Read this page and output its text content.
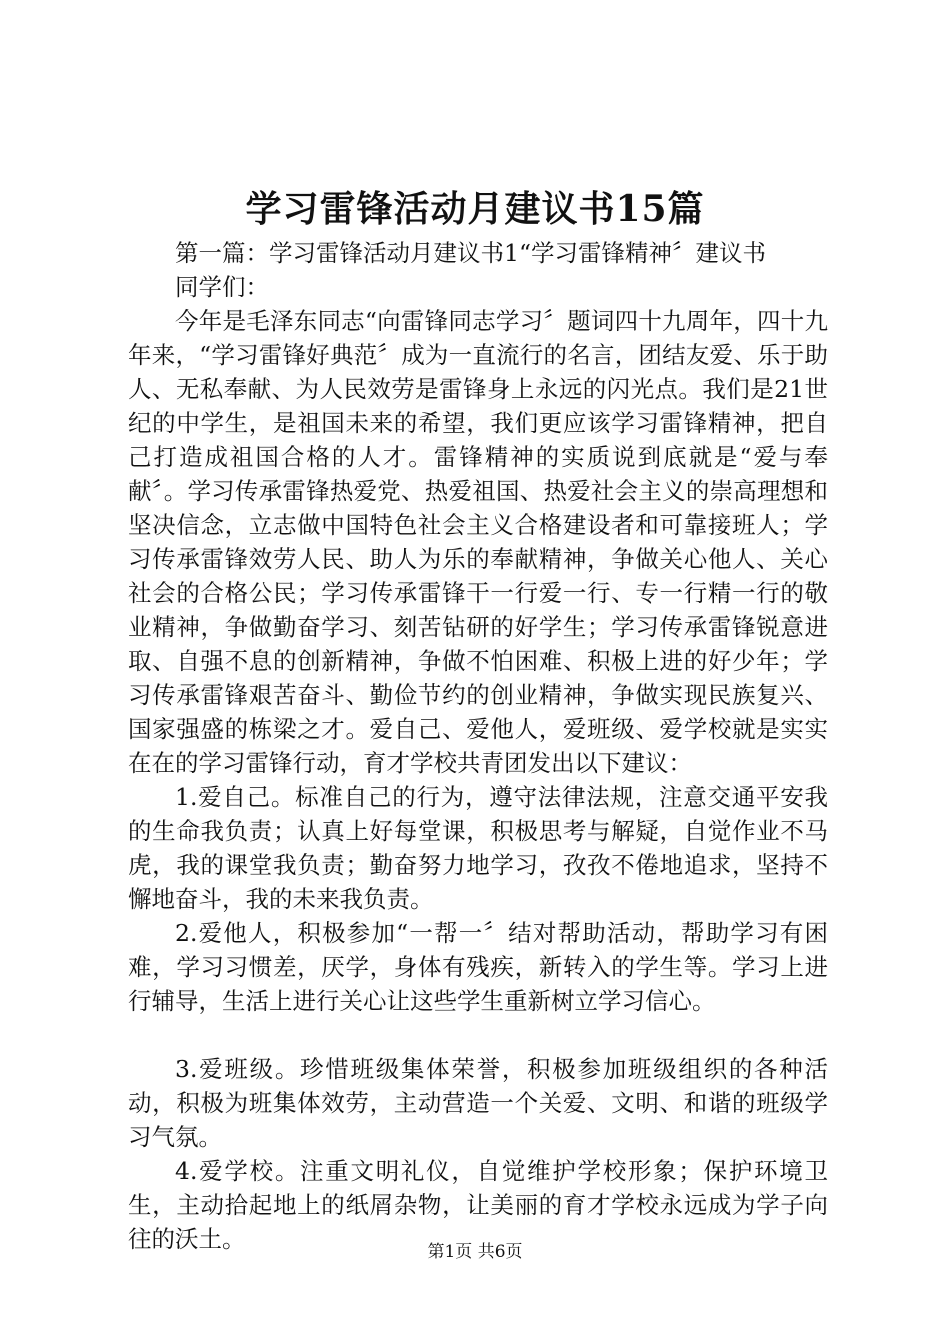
学习雷锋活动月建议书15篇

第一篇：学习雷锋活动月建议书1“学习雷锋精神〞建议书

同学们：

今年是毛泽东同志“向雷锋同志学习〞题词四十九周年，四十九年来，“学习雷锋好典范〞成为一直流行的名言，团结友爱、乐于助人、无私奉献、为人民效劳是雷锋身上永远的闪光点。我们是21世纪的中学生，是祖国未来的希望，我们更应该学习雷锋精神，把自己打造成祖国合格的人才。雷锋精神的实质说到底就是“爱与奉献〞。学习传承雷锋热爱党、热爱祖国、热爱社会主义的崇高理想和坚决信念，立志做中国特色社会主义合格建设者和可靠接班人；学习传承雷锋效劳人民、助人为乐的奉献精神，争做关心他人、关心社会的合格公民；学习传承雷锋干一行爱一行、专一行精一行的敬业精神，争做勤奋学习、刻苦钻研的好学生；学习传承雷锋锐意进取、自强不息的创新精神，争做不怕困难、积极上进的好少年；学习传承雷锋艰苦奋斗、勤俭节约的创业精神，争做实现民族复兴、国家强盛的栋梁之才。爱自己、爱他人，爱班级、爱学校就是实实在在的学习雷锋行动，育才学校共青团发出以下建议：

1.爱自己。标准自己的行为，遵守法律法规，注意交通平安我的生命我负责；认真上好每堂课，积极思考与解疑，自觉作业不马虎，我的课堂我负责；勤奋努力地学习，孜孜不倦地追求，坚持不懈地奋斗，我的未来我负责。

2.爱他人，积极参加“一帮一〞结对帮助活动，帮助学习有困难，学习习惯差，厌学，身体有残疾，新转入的学生等。学习上进行辅导，生活上进行关心让这些学生重新树立学习信心。

3.爱班级。珍惜班级集体荣誉，积极参加班级组织的各种活动，积极为班集体效劳，主动营造一个关爱、文明、和谐的班级学习气氛。

4.爱学校。注重文明礼仪，自觉维护学校形象；保护环境卫生，主动拾起地上的纸屑杂物，让美丽的育才学校永远成为学子向往的沃土。	第1页 共6页
